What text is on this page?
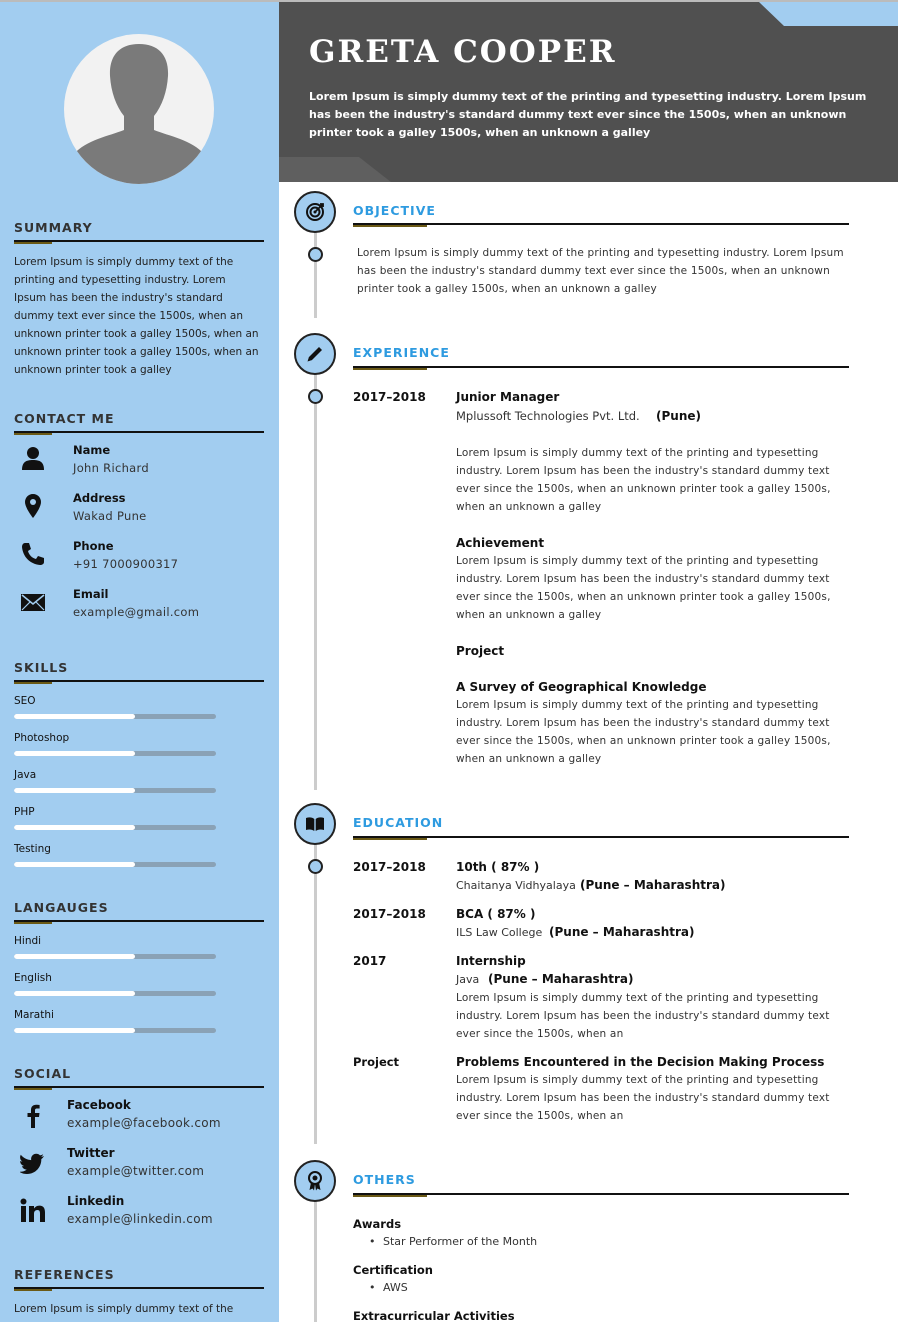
SUMMARY
Lorem Ipsum is simply dummy text of the printing and typesetting industry. Lorem Ipsum has been the industry's standard dummy text ever since the 1500s, when an unknown printer took a galley 1500s, when an unknown printer took a galley 1500s, when an unknown printer took a galley
CONTACT ME
Name
John Richard
Address
Wakad Pune
Phone
+91 7000900317
Email
example@gmail.com
SKILLS
SEO
Photoshop
Java
PHP
Testing
LANGAUGES
Hindi
English
Marathi
SOCIAL
Facebook
example@facebook.com
Twitter
example@twitter.com
Linkedin
example@linkedin.com
REFERENCES
Lorem Ipsum is simply dummy text of the
GRETA COOPER
Lorem Ipsum is simply dummy text of the printing and typesetting industry. Lorem Ipsum has been the industry's standard dummy text ever since the 1500s, when an unknown printer took a galley 1500s, when an unknown a galley
OBJECTIVE
Lorem Ipsum is simply dummy text of the printing and typesetting industry. Lorem Ipsum has been the industry's standard dummy text ever since the 1500s, when an unknown printer took a galley 1500s, when an unknown a galley
EXPERIENCE
2017–2018	Junior Manager
Mplussoft Technologies Pvt. Ltd. (Pune)
Lorem Ipsum is simply dummy text of the printing and typesetting industry. Lorem Ipsum has been the industry's standard dummy text ever since the 1500s, when an unknown printer took a galley 1500s, when an unknown a galley
Achievement
Lorem Ipsum is simply dummy text of the printing and typesetting industry. Lorem Ipsum has been the industry's standard dummy text ever since the 1500s, when an unknown printer took a galley 1500s, when an unknown a galley
Project
A Survey of Geographical Knowledge
Lorem Ipsum is simply dummy text of the printing and typesetting industry. Lorem Ipsum has been the industry's standard dummy text ever since the 1500s, when an unknown printer took a galley 1500s, when an unknown a galley
EDUCATION
2017–2018	10th ( 87% )
Chaitanya Vidhyalaya (Pune – Maharashtra)
2017–2018	BCA ( 87% )
ILS Law College (Pune – Maharashtra)
2017	Internship
Java (Pune – Maharashtra)
Lorem Ipsum is simply dummy text of the printing and typesetting industry. Lorem Ipsum has been the industry's standard dummy text ever since the 1500s, when an
Project	Problems Encountered in the Decision Making Process
Lorem Ipsum is simply dummy text of the printing and typesetting industry. Lorem Ipsum has been the industry's standard dummy text ever since the 1500s, when an
OTHERS
Awards
• Star Performer of the Month
Certification
• AWS
Extracurricular Activities
